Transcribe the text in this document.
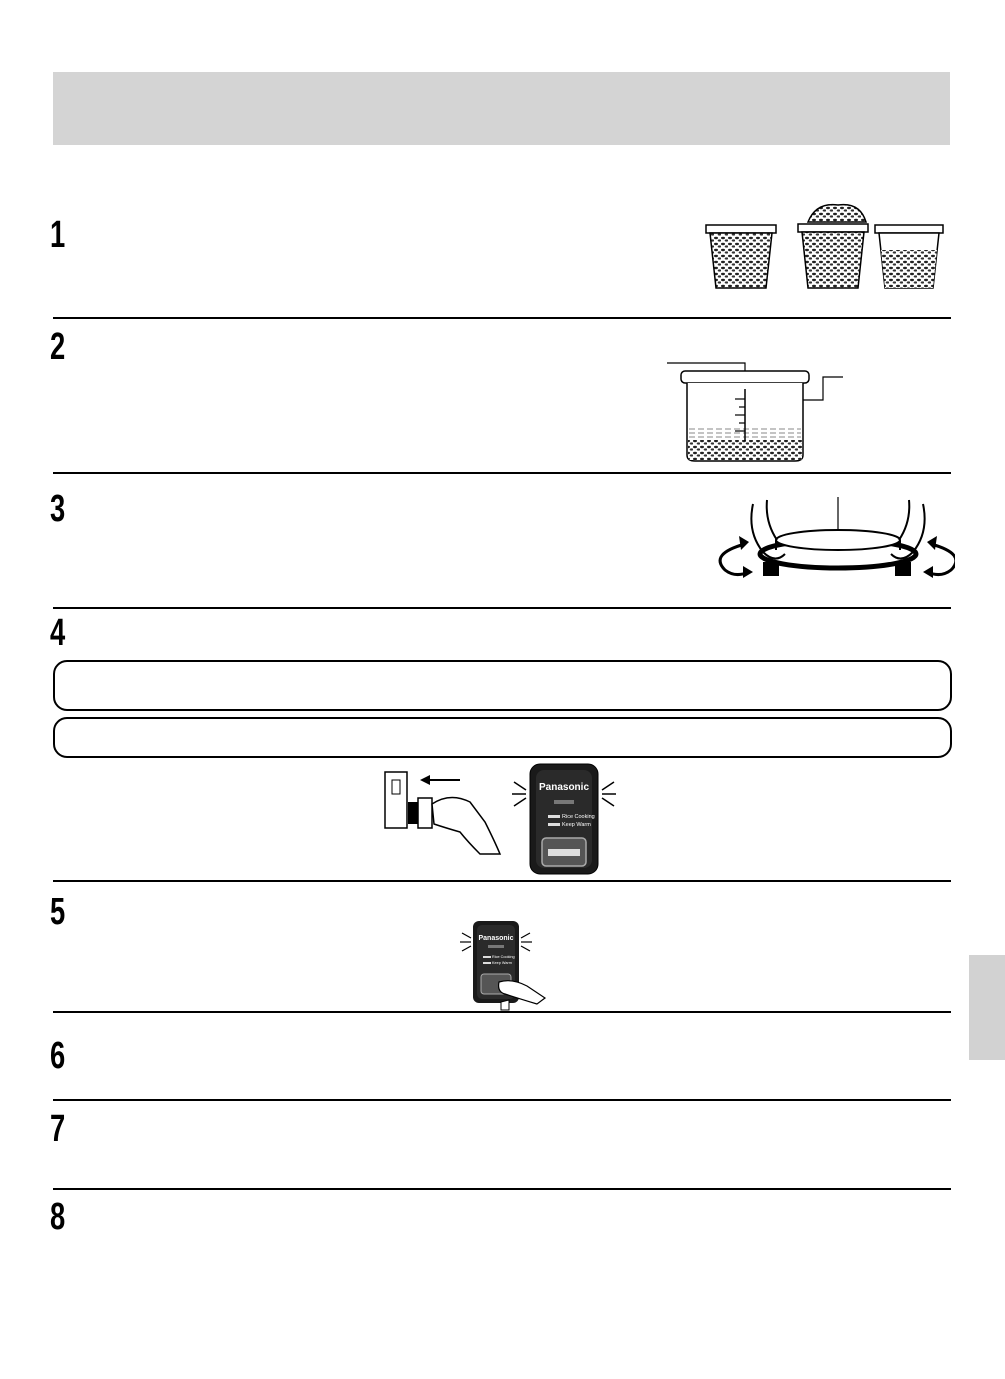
1
2
3
4
Panasonic
Rice Cooking
Keep Warm
5
Panasonic
Rice Cooking
Keep Warm
6
7
8
